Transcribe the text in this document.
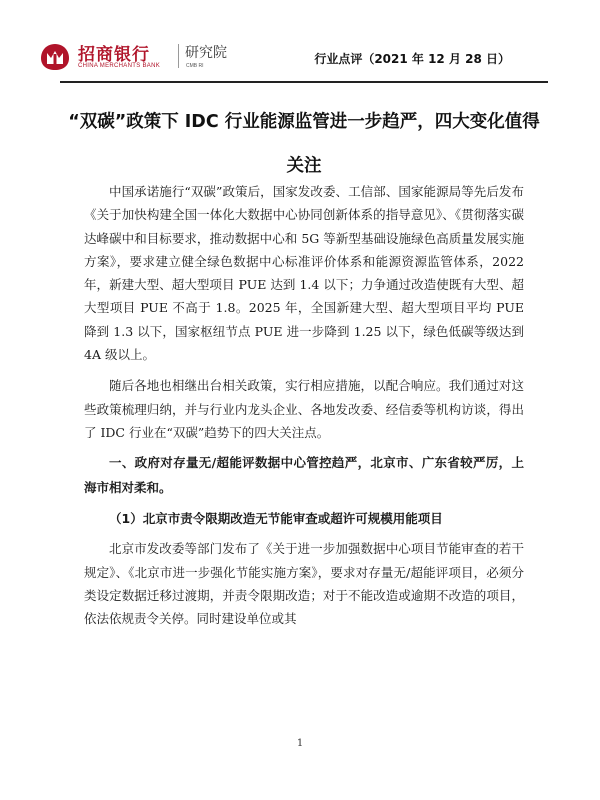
招商银行
CHINA MERCHANTS BANK
研究院
CMB RI	行业点评（2021 年 12 月 28 日）
“双碳”政策下 IDC 行业能源监管进一步趋严，四大变化值得关注

中国承诺施行“双碳”政策后，国家发改委、工信部、国家能源局等先后发布《关于加快构建全国一体化大数据中心协同创新体系的指导意见》、《贯彻落实碳达峰碳中和目标要求，推动数据中心和 5G 等新型基础设施绿色高质量发展实施方案》，要求建立健全绿色数据中心标准评价体系和能源资源监管体系，2022 年，新建大型、超大型项目 PUE 达到 1.4 以下；力争通过改造使既有大型、超大型项目 PUE 不高于 1.8。2025 年，全国新建大型、超大型项目平均 PUE 降到 1.3 以下，国家枢纽节点 PUE 进一步降到 1.25 以下，绿色低碳等级达到 4A 级以上。

随后各地也相继出台相关政策，实行相应措施，以配合响应。我们通过对这些政策梳理归纳，并与行业内龙头企业、各地发改委、经信委等机构访谈，得出了 IDC 行业在“双碳”趋势下的四大关注点。

一、政府对存量无/超能评数据中心管控趋严，北京市、广东省较严厉，上海市相对柔和。

（1）北京市责令限期改造无节能审查或超许可规模用能项目

北京市发改委等部门发布了《关于进一步加强数据中心项目节能审查的若干规定》、《北京市进一步强化节能实施方案》，要求对存量无/超能评项目，必须分类设定数据迁移过渡期，并责令限期改造；对于不能改造或逾期不改造的项目，依法依规责令关停。同时建设单位或其

1
